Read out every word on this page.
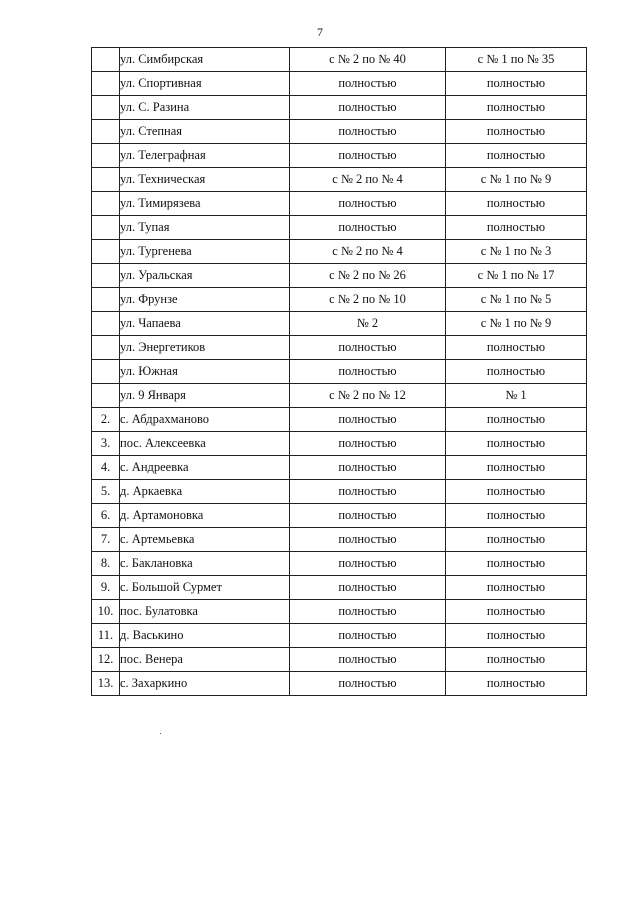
7
	ул. Симбирская	с № 2 по № 40	с № 1 по № 35
	ул. Спортивная	полностью	полностью
	ул. С. Разина	полностью	полностью
	ул. Степная	полностью	полностью
	ул. Телеграфная	полностью	полностью
	ул. Техническая	с № 2 по № 4	с № 1 по № 9
	ул. Тимирязева	полностью	полностью
	ул. Тупая	полностью	полностью
	ул. Тургенева	с № 2 по № 4	с № 1 по № 3
	ул. Уральская	с № 2 по № 26	с № 1 по № 17
	ул. Фрунзе	с № 2 по № 10	с № 1 по № 5
	ул. Чапаева	№ 2	с № 1 по № 9
	ул. Энергетиков	полностью	полностью
	ул. Южная	полностью	полностью
	ул. 9 Января	с № 2 по № 12	№ 1
2.	с. Абдрахманово	полностью	полностью
3.	пос. Алексеевка	полностью	полностью
4.	с. Андреевка	полностью	полностью
5.	д. Аркаевка	полностью	полностью
6.	д. Артамоновка	полностью	полностью
7.	с. Артемьевка	полностью	полностью
8.	с. Баклановка	полностью	полностью
9.	с. Большой Сурмет	полностью	полностью
10.	пос. Булатовка	полностью	полностью
11.	д. Васькино	полностью	полностью
12.	пос. Венера	полностью	полностью
13.	с. Захаркино	полностью	полностью
